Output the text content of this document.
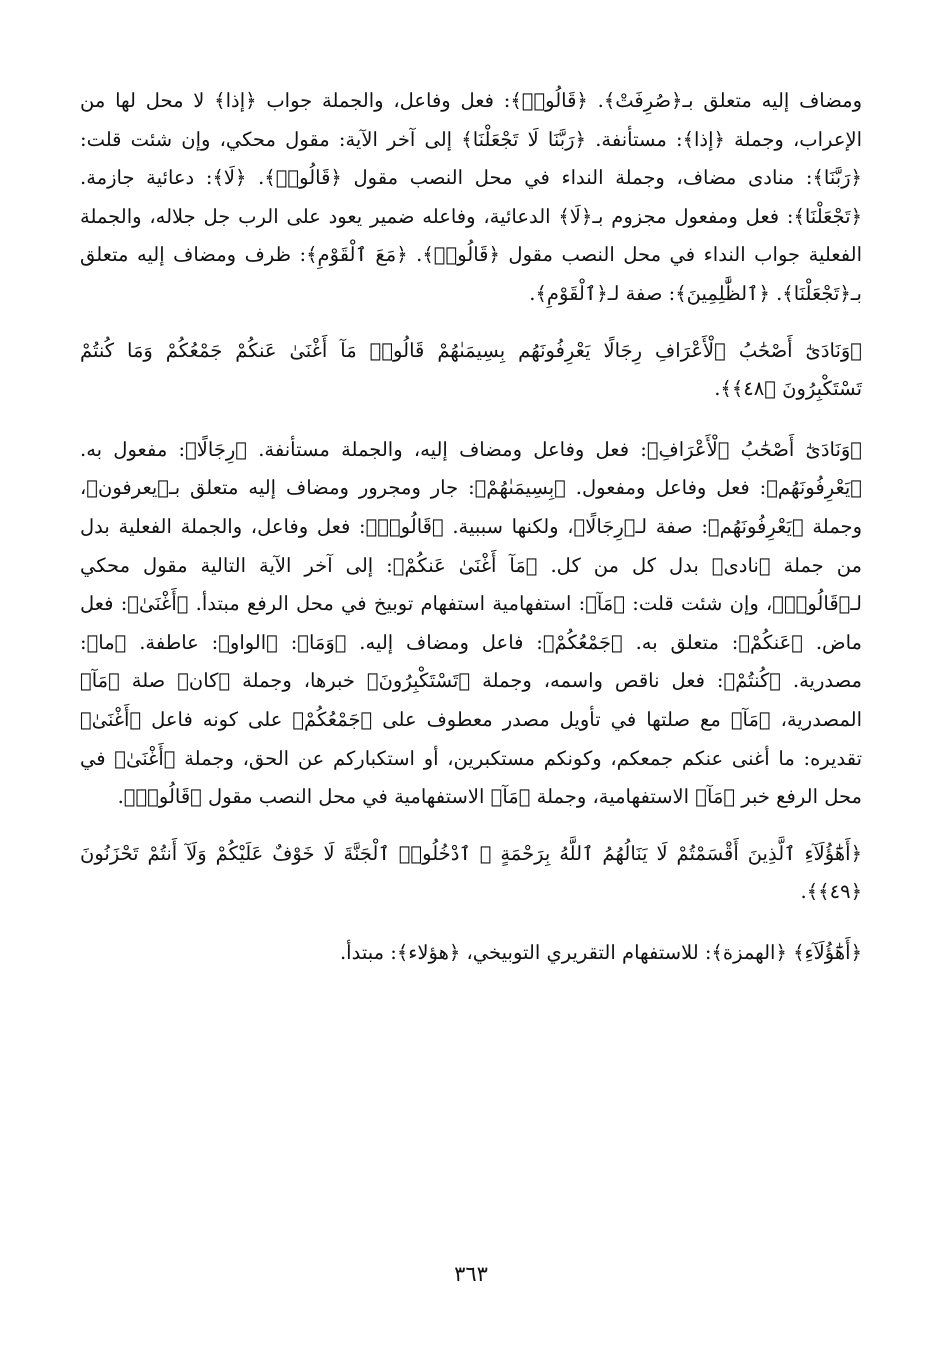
ومضاف إليه متعلق بـ﴿صُرِفَتْ﴾. ﴿قَالُوا۟﴾: فعل وفاعل، والجملة جواب ﴿إذا﴾ لا محل لها من الإعراب، وجملة ﴿إذا﴾: مستأنفة. ﴿رَبَّنَا لَا تَجْعَلْنَا﴾ إلى آخر الآية: مقول محكي، وإن شئت قلت: ﴿رَبَّنَا﴾: منادى مضاف، وجملة النداء في محل النصب مقول ﴿قَالُوا۟﴾. ﴿لَا﴾: دعائية جازمة. ﴿تَجْعَلْنَا﴾: فعل ومفعول مجزوم بـ﴿لَا﴾ الدعائية، وفاعله ضمير يعود على الرب جل جلاله، والجملة الفعلية جواب النداء في محل النصب مقول ﴿قَالُوا۟﴾. ﴿مَعَ ٱلْقَوْمِ﴾: ظرف ومضاف إليه متعلق بـ﴿تَجْعَلْنَا﴾. ﴿ٱلظَّٰلِمِينَ﴾: صفة لـ﴿ٱلْقَوْمِ﴾.

﴿وَنَادَىٰٓ أَصْحَٰبُ ٱلْأَعْرَافِ رِجَالًا يَعْرِفُونَهُم بِسِيمَىٰهُمْ قَالُوا۟ مَآ أَغْنَىٰ عَنكُمْ جَمْعُكُمْ وَمَا كُنتُمْ تَسْتَكْبِرُونَ ﴿٤٨﴾﴾.

﴿وَنَادَىٰٓ أَصْحَٰبُ ٱلْأَعْرَافِ﴾: فعل وفاعل ومضاف إليه، والجملة مستأنفة. ﴿رِجَالًا﴾: مفعول به. ﴿يَعْرِفُونَهُم﴾: فعل وفاعل ومفعول. ﴿بِسِيمَىٰهُمْ﴾: جار ومجرور ومضاف إليه متعلق بـ﴿يعرفون﴾، وجملة ﴿يَعْرِفُونَهُم﴾: صفة لـ﴿رِجَالًا﴾، ولكنها سببية. ﴿قَالُوا۟﴾: فعل وفاعل، والجملة الفعلية بدل من جملة ﴿نادى﴾ بدل كل من كل. ﴿مَآ أَغْنَىٰ عَنكُمْ﴾: إلى آخر الآية التالية مقول محكي لـ﴿قَالُوا۟﴾، وإن شئت قلت: ﴿مَآ﴾: استفهامية استفهام توبيخ في محل الرفع مبتدأ. ﴿أَغْنَىٰ﴾: فعل ماض. ﴿عَنكُمْ﴾: متعلق به. ﴿جَمْعُكُمْ﴾: فاعل ومضاف إليه. ﴿وَمَا﴾: ﴿الواو﴾: عاطفة. ﴿ما﴾: مصدرية. ﴿كُنتُمْ﴾: فعل ناقص واسمه، وجملة ﴿تَسْتَكْبِرُونَ﴾ خبرها، وجملة ﴿كان﴾ صلة ﴿مَآ﴾ المصدرية، ﴿مَآ﴾ مع صلتها في تأويل مصدر معطوف على ﴿جَمْعُكُمْ﴾ على كونه فاعل ﴿أَغْنَىٰ﴾ تقديره: ما أغنى عنكم جمعكم، وكونكم مستكبرين، أو استكباركم عن الحق، وجملة ﴿أَغْنَىٰ﴾ في محل الرفع خبر ﴿مَآ﴾ الاستفهامية، وجملة ﴿مَآ﴾ الاستفهامية في محل النصب مقول ﴿قَالُوا۟﴾.

﴿أَهَٰٓؤُلَآءِ ٱلَّذِينَ أَقْسَمْتُمْ لَا يَنَالُهُمُ ٱللَّهُ بِرَحْمَةٍ ۚ ٱدْخُلُوا۟ ٱلْجَنَّةَ لَا خَوْفٌ عَلَيْكُمْ وَلَآ أَنتُمْ تَحْزَنُونَ ﴿٤٩﴾﴾.

﴿أَهَٰٓؤُلَآءِ﴾ ﴿الهمزة﴾: للاستفهام التقريري التوبيخي، ﴿هؤلاء﴾: مبتدأ.

٣٦٣
